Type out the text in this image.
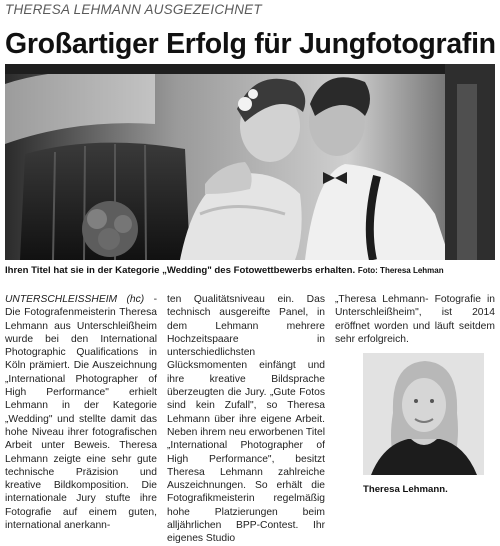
THERESA LEHMANN AUSGEZEICHNET
Großartiger Erfolg für Jungfotografin
Ihren Titel hat sie in der Kategorie „Wedding" des Fotowettbewerbs erhalten. Foto: Theresa Lehman
UNTERSCHLEISSHEIM (hc) - Die Fotografenmeisterin Theresa Lehmann aus Unterschleißheim wurde bei den International Photographic Qualifications in Köln prämiert. Die Auszeichnung „International Photographer of High Performance" erhielt Lehmann in der Kategorie „Wedding" und stellte damit das hohe Niveau ihrer fotografischen Arbeit unter Beweis. Theresa Lehmann zeigte eine sehr gute technische Präzision und kreative Bildkomposition. Die internationale Jury stufte ihre Fotografie auf einem guten, international anerkann-
ten Qualitätsniveau ein. Das technisch ausgereifte Panel, in dem Lehmann mehrere Hochzeitspaare in unterschiedlichsten Glücksmomenten einfängt und ihre kreative Bildsprache überzeugten die Jury. „Gute Fotos sind kein Zufall", so Theresa Lehmann über ihre eigene Arbeit. Neben ihrem neu erworbenen Titel „International Photographer of High Performance", besitzt Theresa Lehmann zahlreiche Auszeichnungen. So erhält die Fotografikmeisterin regelmäßig hohe Platzierungen beim alljährlichen BPP-Contest. Ihr eigenes Studio
„Theresa Lehmann- Fotografie in Unterschleißheim", ist 2014 eröffnet worden und läuft seitdem sehr erfolgreich.
Theresa Lehmann.
